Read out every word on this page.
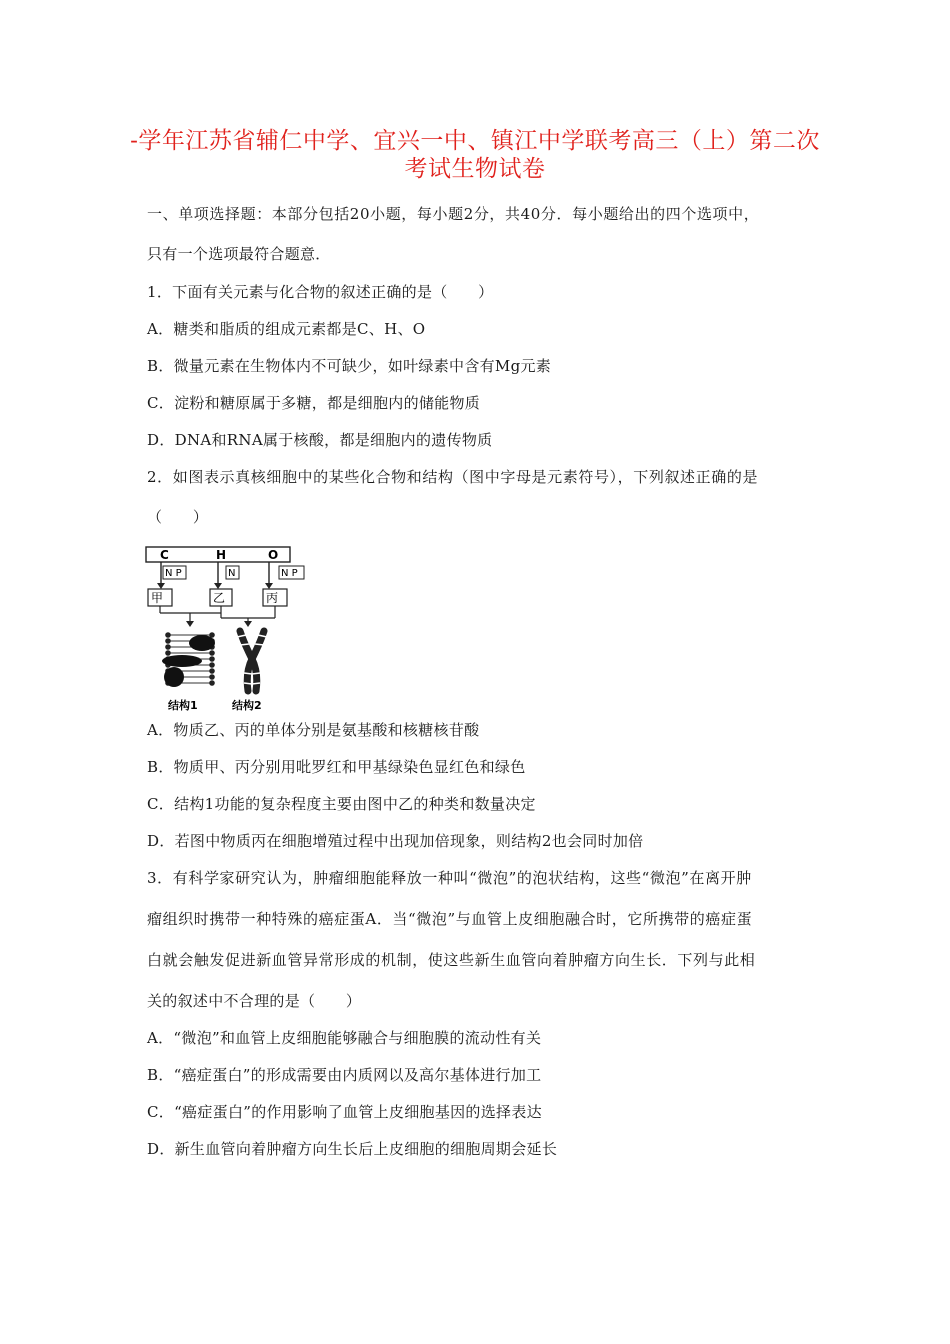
-学年江苏省辅仁中学、宜兴一中、镇江中学联考高三（上）第二次
考试生物试卷
一、单项选择题：本部分包括20小题，每小题2分，共40分．每小题给出的四个选项中，
只有一个选项最符合题意．
1．下面有关元素与化合物的叙述正确的是（　　）
A．糖类和脂质的组成元素都是C、H、O
B．微量元素在生物体内不可缺少，如叶绿素中含有Mg元素
C．淀粉和糖原属于多糖，都是细胞内的储能物质
D．DNA和RNA属于核酸，都是细胞内的遗传物质
2．如图表示真核细胞中的某些化合物和结构（图中字母是元素符号），下列叙述正确的是
（　　）
C	H	O
N P	N	N P
甲	乙	丙
结构1	结构2
A．物质乙、丙的单体分别是氨基酸和核糖核苷酸
B．物质甲、丙分别用吡罗红和甲基绿染色显红色和绿色
C．结构1功能的复杂程度主要由图中乙的种类和数量决定
D．若图中物质丙在细胞增殖过程中出现加倍现象，则结构2也会同时加倍
3．有科学家研究认为，肿瘤细胞能释放一种叫“微泡”的泡状结构，这些“微泡”在离开肿
瘤组织时携带一种特殊的癌症蛋A．当“微泡”与血管上皮细胞融合时，它所携带的癌症蛋
白就会触发促进新血管异常形成的机制，使这些新生血管向着肿瘤方向生长．下列与此相
关的叙述中不合理的是（　　）
A．“微泡”和血管上皮细胞能够融合与细胞膜的流动性有关
B．“癌症蛋白”的形成需要由内质网以及高尔基体进行加工
C．“癌症蛋白”的作用影响了血管上皮细胞基因的选择表达
D．新生血管向着肿瘤方向生长后上皮细胞的细胞周期会延长
